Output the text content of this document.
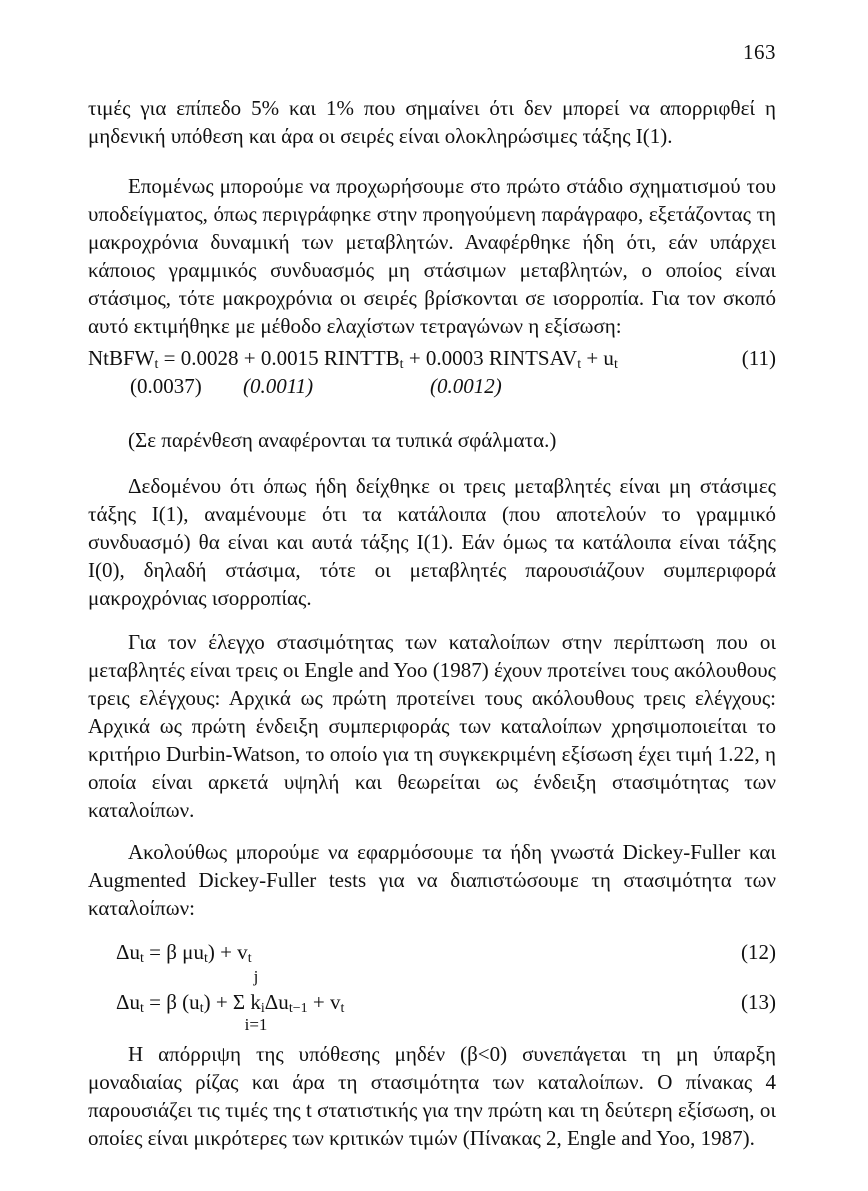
163

τιμές για επίπεδο 5% και 1% που σημαίνει ότι δεν μπορεί να απορριφθεί η μηδενική υπόθεση και άρα οι σειρές είναι ολοκληρώσιμες τάξης I(1).

Επομένως μπορούμε να προχωρήσουμε στο πρώτο στάδιο σχηματισμού του υποδείγματος, όπως περιγράφηκε στην προηγούμενη παράγραφο, εξετάζοντας τη μακροχρόνια δυναμική των μεταβλητών. Αναφέρθηκε ήδη ότι, εάν υπάρχει κάποιος γραμμικός συνδυασμός μη στάσιμων μεταβλητών, ο οποίος είναι στάσιμος, τότε μακροχρόνια οι σειρές βρίσκονται σε ισορροπία. Για τον σκοπό αυτό εκτιμήθηκε με μέθοδο ελαχίστων τετραγώνων η εξίσωση:

NtBFW$_t$ = 0.0028 + 0.0015 $RINTTB_t + 0.0003$ $RINTSAV_t + u_t$	(11)
(0.0037) (0.0011)	(0.0012)

(Σε παρένθεση αναφέρονται τα τυπικά σφάλματα.)

Δεδομένου ότι όπως ήδη δείχθηκε οι τρεις μεταβλητές είναι μη στάσιμες τάξης I(1), αναμένουμε ότι τα κατάλοιπα (που αποτελούν το γραμμικό συνδυασμό) θα είναι και αυτά τάξης I(1). Εάν όμως τα κατάλοιπα είναι τάξης I(0), δηλαδή στάσιμα, τότε οι μεταβλητές παρουσιάζουν συμπεριφορά μακροχρόνιας ισορροπίας.

Για τον έλεγχο στασιμότητας των καταλοίπων στην περίπτωση που οι μεταβλητές είναι τρεις οι Engle and Yoo (1987) έχουν προτείνει τους ακόλουθους τρεις ελέγχους: Αρχικά ως πρώτη προτείνει τους ακόλουθους τρεις ελέγχους: Αρχικά ως πρώτη ένδειξη συμπεριφοράς των καταλοίπων χρησιμοποιείται το κριτήριο Durbin-Watson, το οποίο για τη συγκεκριμένη εξίσωση έχει τιμή 1.22, η οποία είναι αρκετά υψηλή και θεωρείται ως ένδειξη στασιμότητας των καταλοίπων.

Ακολούθως μπορούμε να εφαρμόσουμε τα ήδη γνωστά Dickey-Fuller και Augmented Dickey-Fuller tests για να διαπιστώσουμε τη στασιμότητα των καταλοίπων:

$\Delta u_t = \beta$ $\mu u_t) + v_t$	(12)
j
$\Delta u_t = \beta$ $(u_t) + \Sigma$ $k_i\Delta u_{t-1} + v_t$	(13)
i=1

Η απόρριψη της υπόθεσης μηδέν (β<0) συνεπάγεται τη μη ύπαρξη μοναδιαίας ρίζας και άρα τη στασιμότητα των καταλοίπων. Ο πίνακας 4 παρουσιάζει τις τιμές της t στατιστικής για την πρώτη και τη δεύτερη εξίσωση, οι οποίες είναι μικρότερες των κριτικών τιμών (Πίνακας 2, Engle and Yoo, 1987).
